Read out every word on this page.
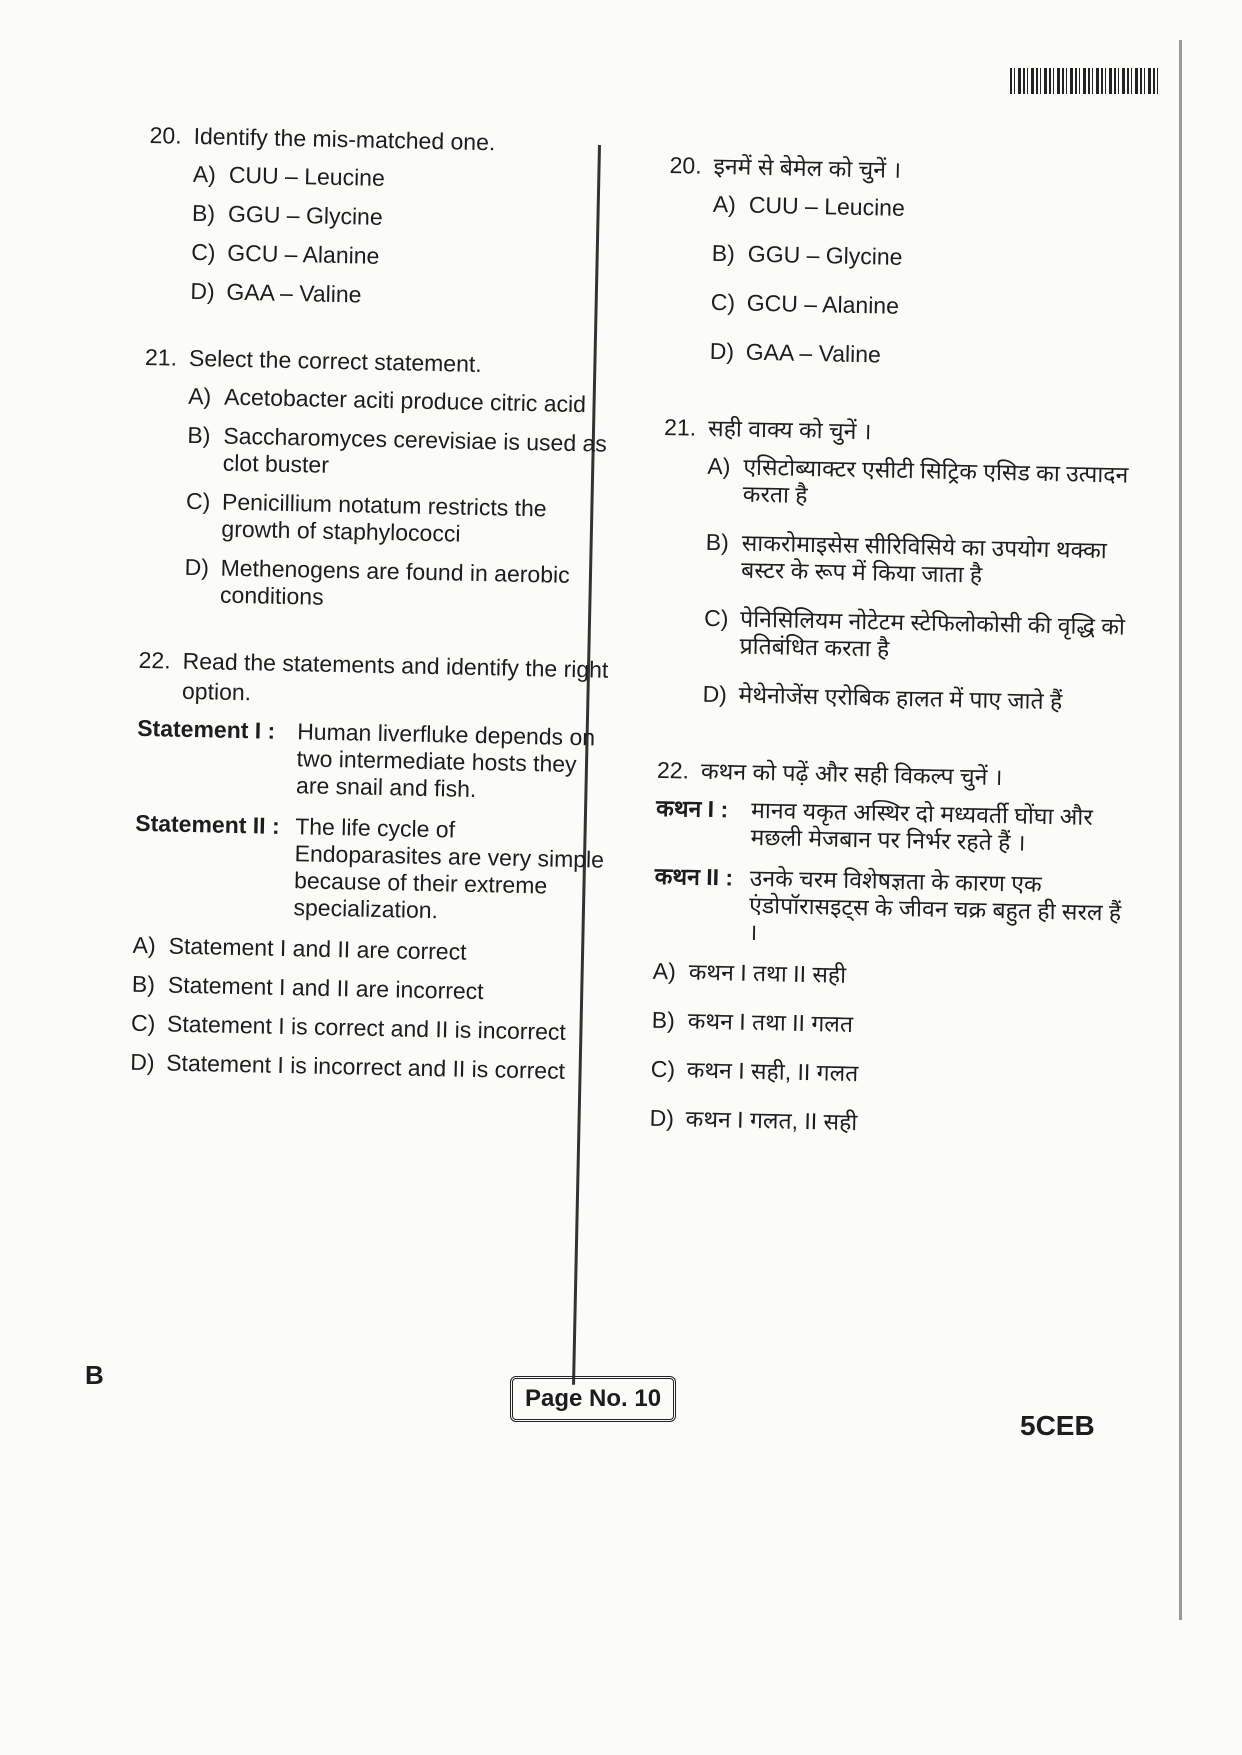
20. Identify the mis-matched one.
A) CUU – Leucine
B) GGU – Glycine
C) GCU – Alanine
D) GAA – Valine
21. Select the correct statement.
A) Acetobacter aciti produce citric acid
B) Saccharomyces cerevisiae is used as clot buster
C) Penicillium notatum restricts the growth of staphylococci
D) Methenogens are found in aerobic conditions
22. Read the statements and identify the right option.
Statement I : Human liverfluke depends on two intermediate hosts they are snail and fish.
Statement II : The life cycle of Endoparasites are very simple because of their extreme specialization.
A) Statement I and II are correct
B) Statement I and II are incorrect
C) Statement I is correct and II is incorrect
D) Statement I is incorrect and II is correct
20. इनमें से बेमेल को चुनें ।
A) CUU – Leucine
B) GGU – Glycine
C) GCU – Alanine
D) GAA – Valine
21. सही वाक्य को चुनें ।
A) एसिटोब्याक्टर एसीटी सिट्रिक एसिड का उत्पादन करता है
B) साकरोमाइसेस सीरिविसिये का उपयोग थक्का बस्टर के रूप में किया जाता है
C) पेनिसिलियम नोटेटम स्टेफिलोकोसी की वृद्धि को प्रतिबंधित करता है
D) मेथेनोजेंस एरोबिक हालत में पाए जाते हैं
22. कथन को पढ़ें और सही विकल्प चुनें ।
कथन I : मानव यकृत अस्थिर दो मध्यवर्ती घोंघा और मछली मेजबान पर निर्भर रहते हैं ।
कथन II : उनके चरम विशेषज्ञता के कारण एक एंडोपॉरासइट्स के जीवन चक्र बहुत ही सरल हैं ।
A) कथन I तथा II सही
B) कथन I तथा II गलत
C) कथन I सही, II गलत
D) कथन I गलत, II सही
B
Page No. 10
5CEB
